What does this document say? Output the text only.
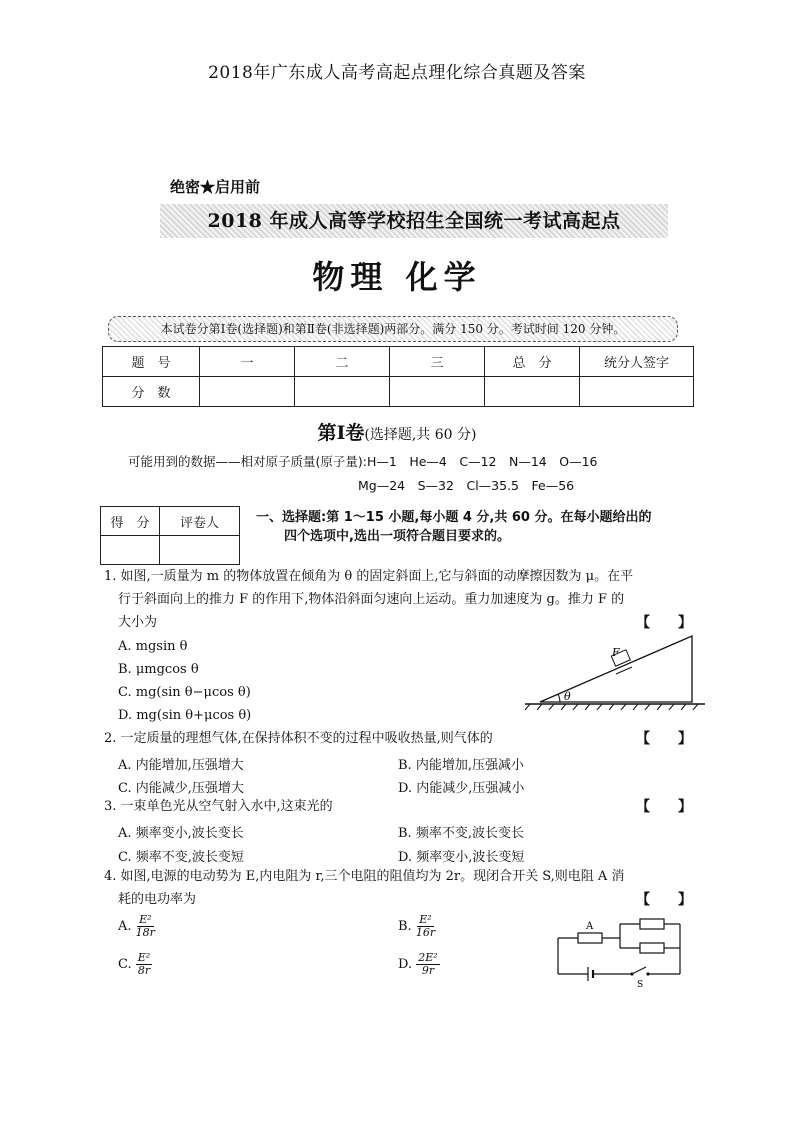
2018年广东成人高考高起点理化综合真题及答案
绝密★启用前
2018 年成人高等学校招生全国统一考试高起点
物理 化学
本试卷分第Ⅰ卷(选择题)和第Ⅱ卷(非选择题)两部分。满分 150 分。考试时间 120 分钟。
题　号	一	二	三	总　分	统分人签字
分　数					
第Ⅰ卷(选择题,共 60 分)
可能用到的数据——相对原子质量(原子量):H—1　He—4　C—12　N—14　O—16
Mg—24　S—32　Cl—35.5　Fe—56
得　分	评卷人
		一、选择题:第 1～15 小题,每小题 4 分,共 60 分。在每小题给出的
四个选项中,选出一项符合题目要求的。
1. 如图,一质量为 m 的物体放置在倾角为 θ 的固定斜面上,它与斜面的动摩擦因数为 μ。在平
行于斜面向上的推力 F 的作用下,物体沿斜面匀速向上运动。重力加速度为 g。推力 F 的
大小为	【　　】
A. mgsin θ
B. μmgcos θ
C. mg(sin θ−μcos θ)
D. mg(sin θ+μcos θ)
θ
F
2. 一定质量的理想气体,在保持体积不变的过程中吸收热量,则气体的	【　　】
A. 内能增加,压强增大	B. 内能增加,压强减小
C. 内能减少,压强增大	D. 内能减少,压强减小
3. 一束单色光从空气射入水中,这束光的	【　　】
A. 频率变小,波长变长	B. 频率不变,波长变长
C. 频率不变,波长变短	D. 频率变小,波长变短
4. 如图,电源的电动势为 E,内电阻为 r,三个电阻的阻值均为 2r。现闭合开关 S,则电阻 A 消
耗的电功率为	【　　】
A. $\frac{\text{E²}}{18r}$	B. $\frac{\text{E²}}{16r}$
C. $\frac{\text{E²}}{8r}$	D. $\frac{\text{2E²}}{9r}$
A
S
